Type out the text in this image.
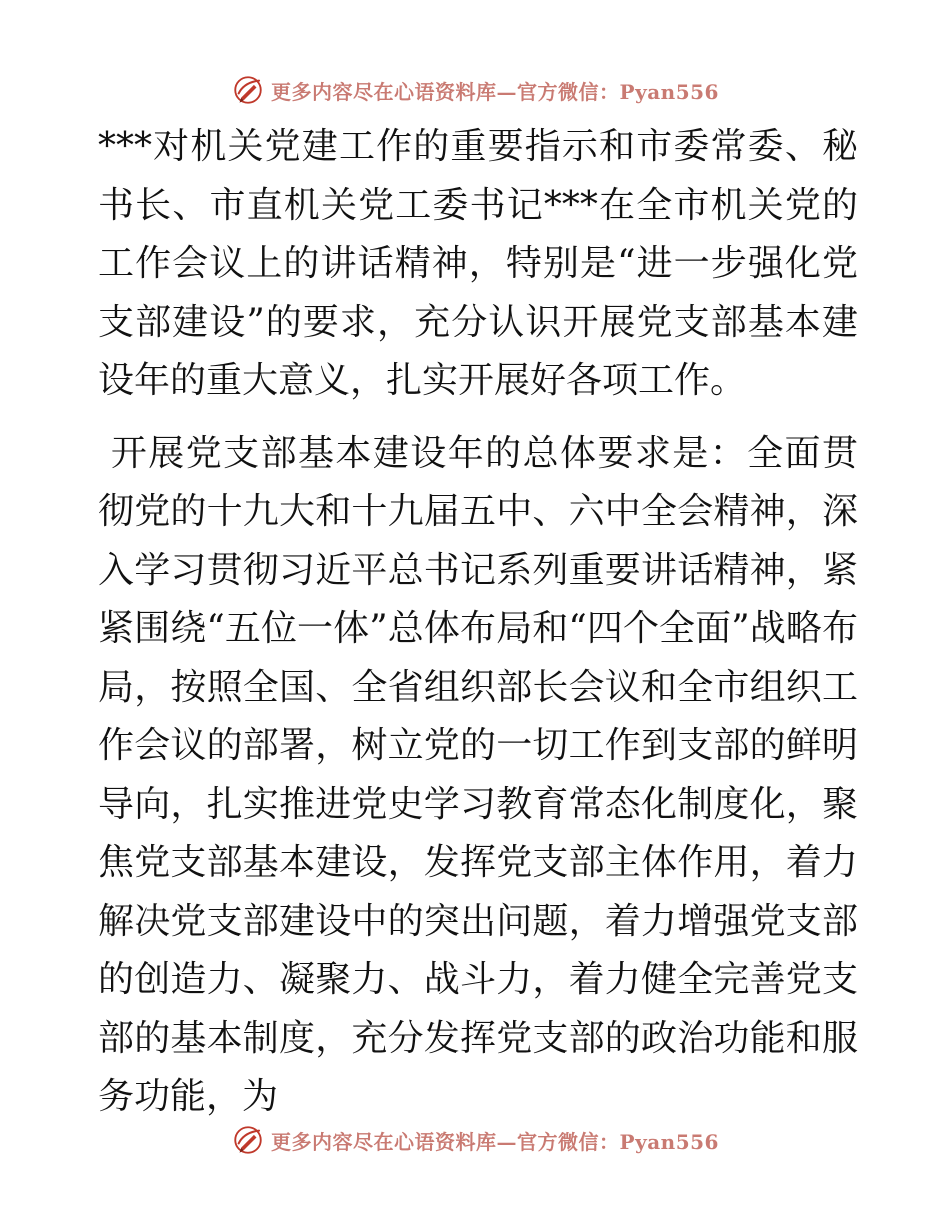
更多内容尽在心语资料库—官方微信：Pyan556

***对机关党建工作的重要指示和市委常委、秘书长、市直机关党工委书记***在全市机关党的工作会议上的讲话精神，特别是“进一步强化党支部建设”的要求，充分认识开展党支部基本建设年的重大意义，扎实开展好各项工作。

开展党支部基本建设年的总体要求是：全面贯彻党的十九大和十九届五中、六中全会精神，深入学习贯彻习近平总书记系列重要讲话精神，紧紧围绕“五位一体”总体布局和“四个全面”战略布局，按照全国、全省组织部长会议和全市组织工作会议的部署，树立党的一切工作到支部的鲜明导向，扎实推进党史学习教育常态化制度化，聚焦党支部基本建设，发挥党支部主体作用，着力解决党支部建设中的突出问题，着力增强党支部的创造力、凝聚力、战斗力，着力健全完善党支部的基本制度，充分发挥党支部的政治功能和服务功能，为

更多内容尽在心语资料库—官方微信：Pyan556
